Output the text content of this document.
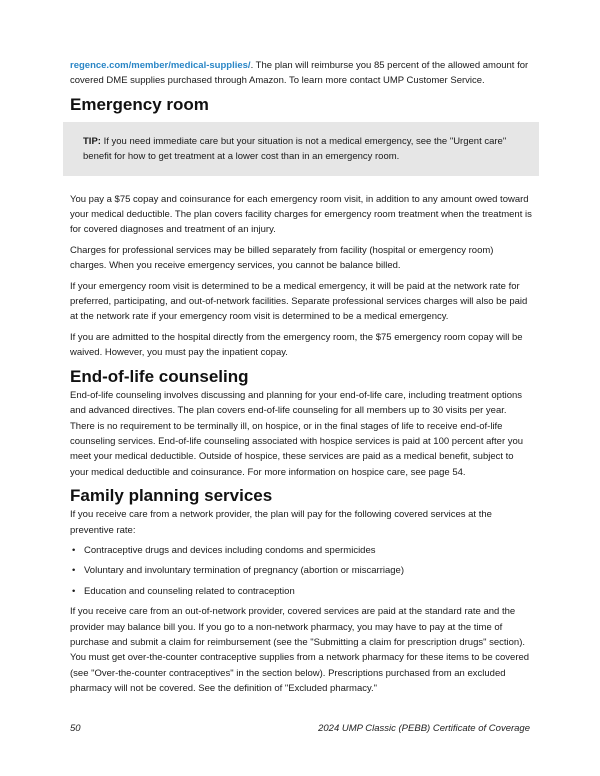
regence.com/member/medical-supplies/. The plan will reimburse you 85 percent of the allowed amount for covered DME supplies purchased through Amazon. To learn more contact UMP Customer Service.

Emergency room

TIP: If you need immediate care but your situation is not a medical emergency, see the "Urgent care" benefit for how to get treatment at a lower cost than in an emergency room.

You pay a $75 copay and coinsurance for each emergency room visit, in addition to any amount owed toward your medical deductible. The plan covers facility charges for emergency room treatment when the treatment is for covered diagnoses and treatment of an injury.

Charges for professional services may be billed separately from facility (hospital or emergency room) charges. When you receive emergency services, you cannot be balance billed.

If your emergency room visit is determined to be a medical emergency, it will be paid at the network rate for preferred, participating, and out-of-network facilities. Separate professional services charges will also be paid at the network rate if your emergency room visit is determined to be a medical emergency.

If you are admitted to the hospital directly from the emergency room, the $75 emergency room copay will be waived. However, you must pay the inpatient copay.

End-of-life counseling

End-of-life counseling involves discussing and planning for your end-of-life care, including treatment options and advanced directives. The plan covers end-of-life counseling for all members up to 30 visits per year. There is no requirement to be terminally ill, on hospice, or in the final stages of life to receive end-of-life counseling services. End-of-life counseling associated with hospice services is paid at 100 percent after you meet your medical deductible. Outside of hospice, these services are paid as a medical benefit, subject to your medical deductible and coinsurance. For more information on hospice care, see page 54.

Family planning services

If you receive care from a network provider, the plan will pay for the following covered services at the preventive rate:

• Contraceptive drugs and devices including condoms and spermicides
• Voluntary and involuntary termination of pregnancy (abortion or miscarriage)
• Education and counseling related to contraception

If you receive care from an out-of-network provider, covered services are paid at the standard rate and the provider may balance bill you. If you go to a non-network pharmacy, you may have to pay at the time of purchase and submit a claim for reimbursement (see the "Submitting a claim for prescription drugs" section). You must get over-the-counter contraceptive supplies from a network pharmacy for these items to be covered (see "Over-the-counter contraceptives" in the section below). Prescriptions purchased from an excluded pharmacy will not be covered. See the definition of "Excluded pharmacy."

50	2024 UMP Classic (PEBB) Certificate of Coverage
